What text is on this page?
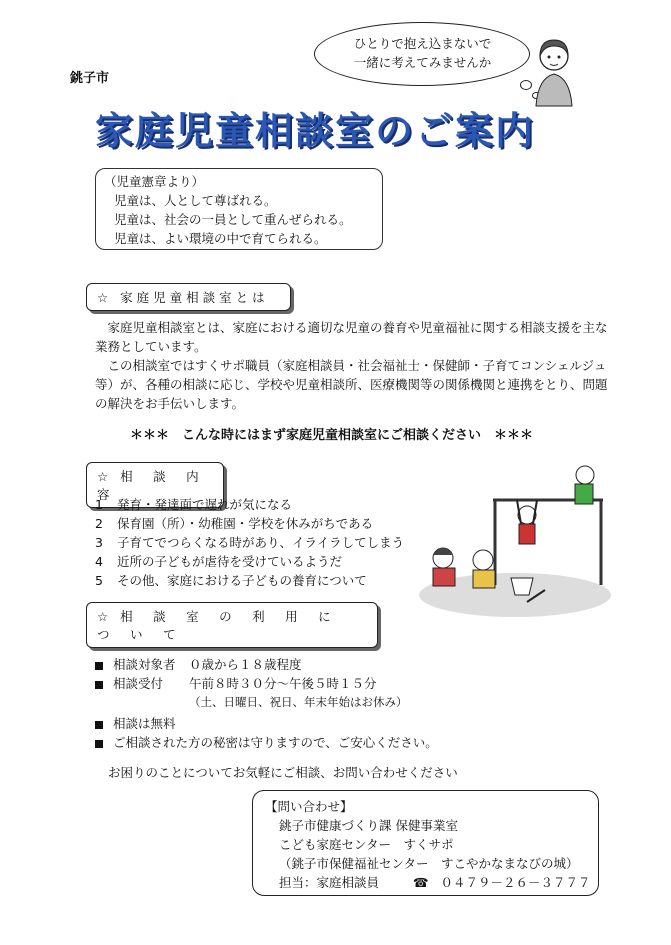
銚子市
ひとりで抱え込まないで
一緒に考えてみませんか
家庭児童相談室のご案内
（児童憲章より）
児童は、人として尊ばれる。
児童は、社会の一員として重んぜられる。
児童は、よい環境の中で育てられる。
☆ 家庭児童相談室とは
　家庭児童相談室とは、家庭における適切な児童の養育や児童福祉に関する相談支援を主な
業務としています。
　この相談室ではすくサポ職員（家庭相談員・社会福祉士・保健師・子育てコンシェルジュ
等）が、各種の相談に応じ、学校や児童相談所、医療機関等の関係機関と連携をとり、問題
の解決をお手伝いします。
＊＊＊　こんな時にはまず家庭児童相談室にご相談ください　＊＊＊
☆ 相　談　内　容
1 発育・発達面で遅れが気になる
2 保育園（所）・幼稚園・学校を休みがちである
3 子育てでつらくなる時があり、イライラしてしまう
4 近所の子どもが虐待を受けているようだ
5 その他、家庭における子どもの養育について
☆ 相　談　室　の　利　用　に　つ　い　て
相談対象者 ０歳から１８歳程度
相談受付 午前８時３０分～午後５時１５分
（土、日曜日、祝日、年末年始はお休み）
相談は無料
ご相談された方の秘密は守りますので、ご安心ください。
お困りのことについてお気軽にご相談、お問い合わせください
【問い合わせ】
銚子市健康づくり課 保健事業室
こども家庭センター　すくサポ
（銚子市保健福祉センター　すこやかなまなびの城）
担当：家庭相談員	☎ ０４７９－２６－３７７７
